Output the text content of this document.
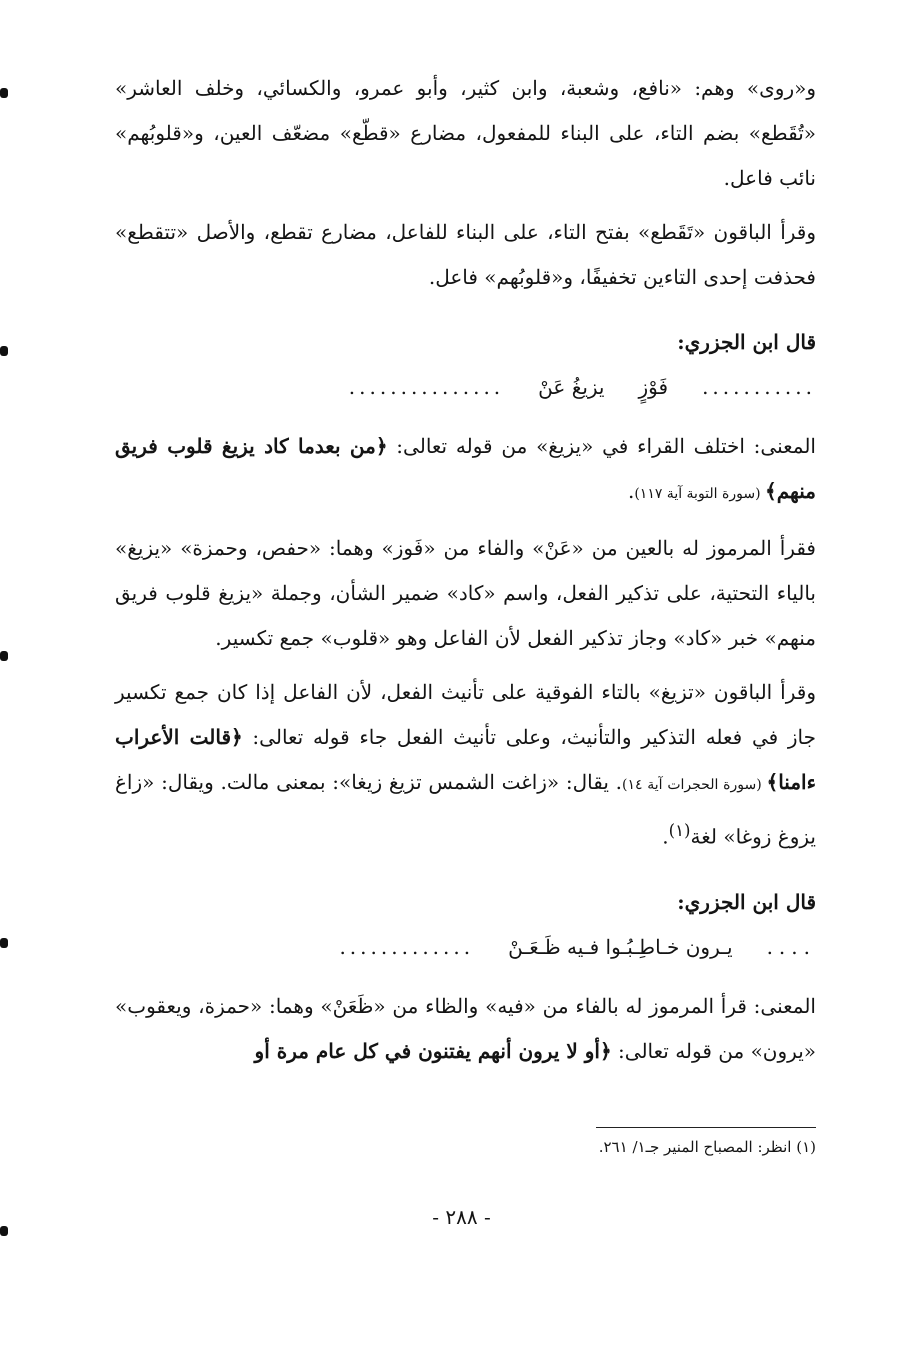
و«روى» وهم: «نافع، وشعبة، وابن كثير، وأبو عمرو، والكسائي، وخلف العاشر» «تُقَطع» بضم التاء، على البناء للمفعول، مضارع «قطّع» مضعّف العين، و«قلوبُهم» نائب فاعل.

وقرأ الباقون «تَقَطع» بفتح التاء، على البناء للفاعل، مضارع تقطع، والأصل «تتقطع» فحذفت إحدى التاءين تخفيفًا، و«قلوبُهم» فاعل.

قال ابن الجزري:

...........
فَوْزٍ
يزيغُ عَنْ
...............

المعنى: اختلف القراء في «يزيغ» من قوله تعالى: ﴿من بعدما كاد يزيغ قلوب فريق منهم﴾ (سورة التوبة آية ١١٧).

فقرأ المرموز له بالعين من «عَنْ» والفاء من «فَوز» وهما: «حفص، وحمزة» «يزيغ» بالياء التحتية، على تذكير الفعل، واسم «كاد» ضمير الشأن، وجملة «يزيغ قلوب فريق منهم» خبر «كاد» وجاز تذكير الفعل لأن الفاعل وهو «قلوب» جمع تكسير.

وقرأ الباقون «تزيغ» بالتاء الفوقية على تأنيث الفعل، لأن الفاعل إذا كان جمع تكسير جاز في فعله التذكير والتأنيث، وعلى تأنيث الفعل جاء قوله تعالى: ﴿قالت الأعراب ءامنا﴾ (سورة الحجرات آية ١٤). يقال: «زاغت الشمس تزيغ زيغا»: بمعنى مالت. ويقال: «زاغ يزوغ زوغا» لغة$^{(١)}$.

قال ابن الجزري:

....
يـرون خـاطِـبُـوا فـيه ظَـعَـنْ
.............

المعنى: قرأ المرموز له بالفاء من «فيه» والظاء من «ظَعَنْ» وهما: «حمزة، ويعقوب» «يرون» من قوله تعالى: ﴿أو لا يرون أنهم يفتنون في كل عام مرة أو

(١) انظر: المصباح المنير جـ١/ ٢٦١.
- ٢٨٨ -
